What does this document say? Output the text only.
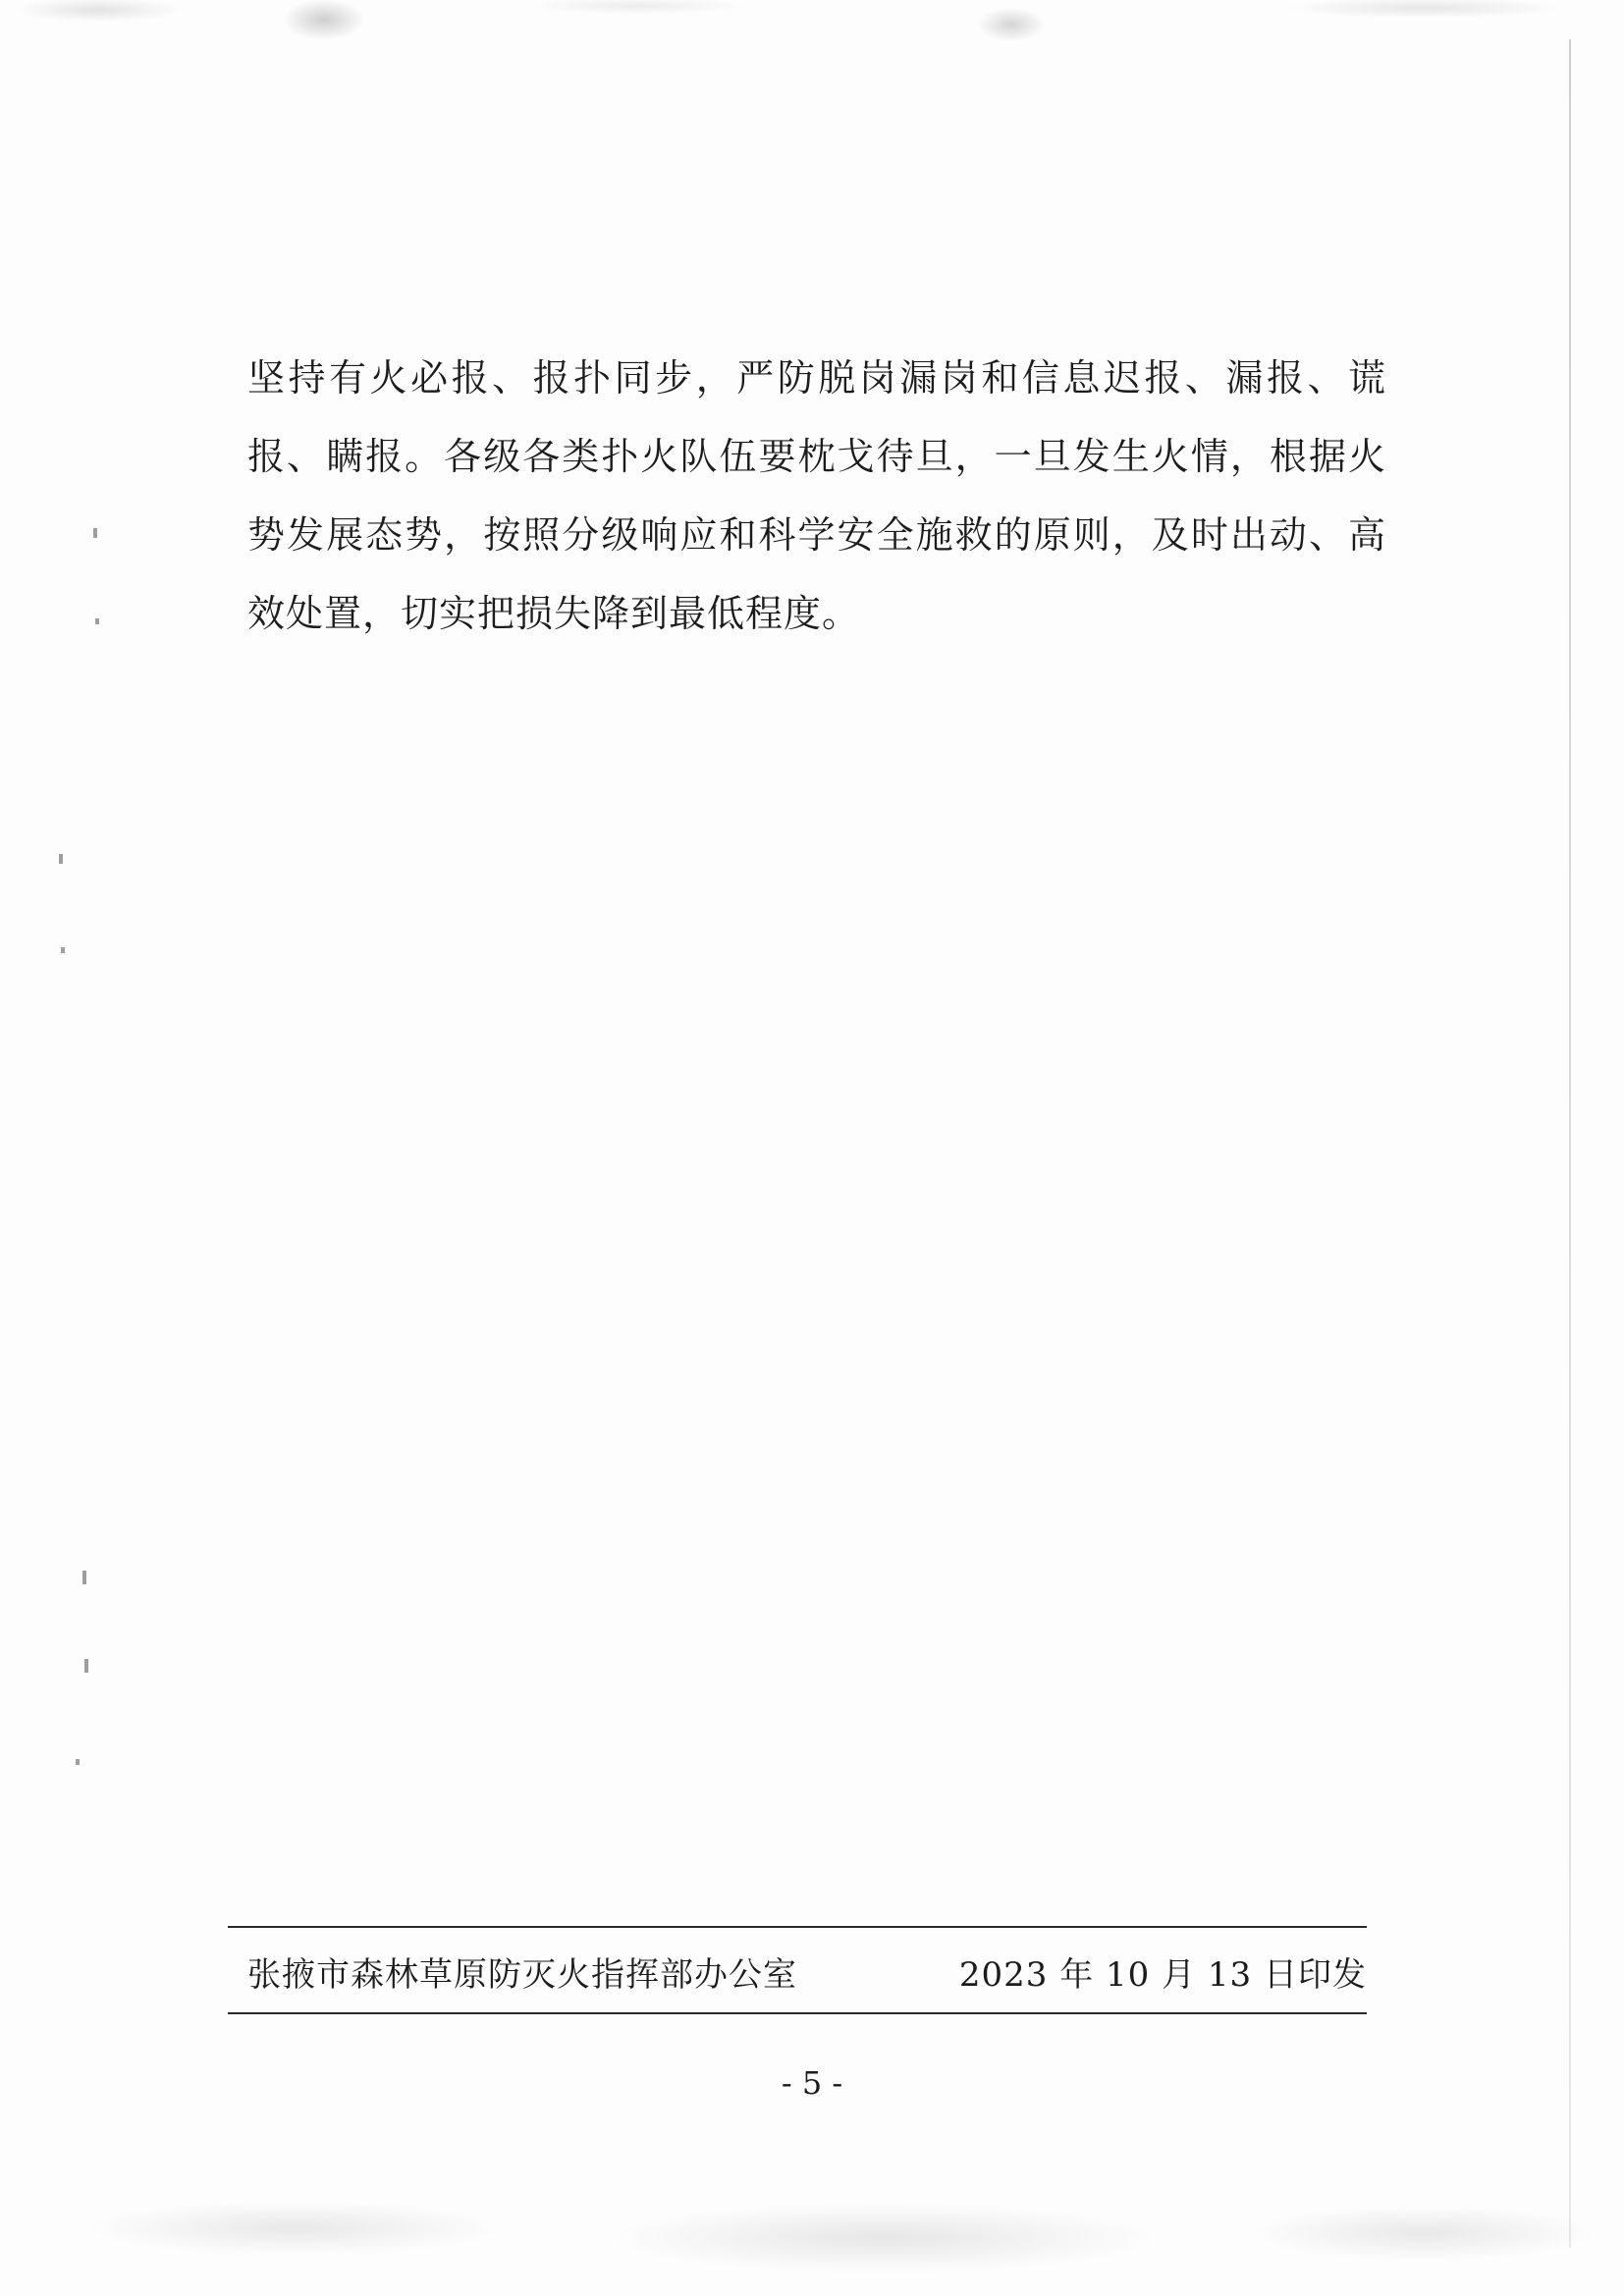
坚持有火必报、报扑同步，严防脱岗漏岗和信息迟报、漏报、谎报、瞒报。各级各类扑火队伍要枕戈待旦，一旦发生火情，根据火势发展态势，按照分级响应和科学安全施救的原则，及时出动、高效处置，切实把损失降到最低程度。

张掖市森林草原防灭火指挥部办公室	2023 年 10 月 13 日印发
- 5 -
